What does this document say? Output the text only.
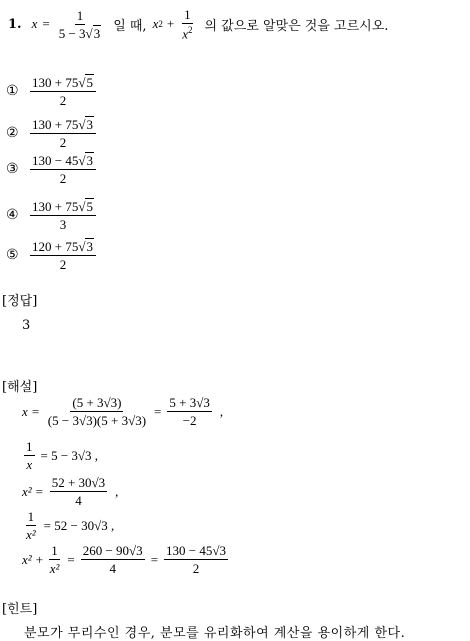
1. $x = \frac{1}{5 - 3√3}$ 일 때, x $2 + \frac{1}{x^2}$ 의 값으로 알맞은 것을 고르시오.
① $\frac{130 + 75√5}{2}$
② $\frac{130 + 75√3}{2}$
③ $\frac{130 - 45√3}{2}$
④ $\frac{130 + 75√5}{3}$
⑤ $\frac{120 + 75√3}{2}$
[정답]
3
[해설]
$x = \frac{(5 + 3√3)}{(5 - 3√3)(5 + 3√3)} = \frac{5 + 3√3}{-2}$ ,
$\frac{1}{x} = 5 - 3√3$ ,
$x^2 = \frac{52 + 30√3}{4}$ ,
$\frac{1}{\text{x²}} = 52 - 30√3$ ,
$x^2 + \frac{1}{\text{x²}} = \frac{260 - 90√3}{4} = \frac{130 - 45√3}{2}$
[힌트]
분모가 무리수인 경우, 분모를 유리화하여 계산을 용이하게 한다.
